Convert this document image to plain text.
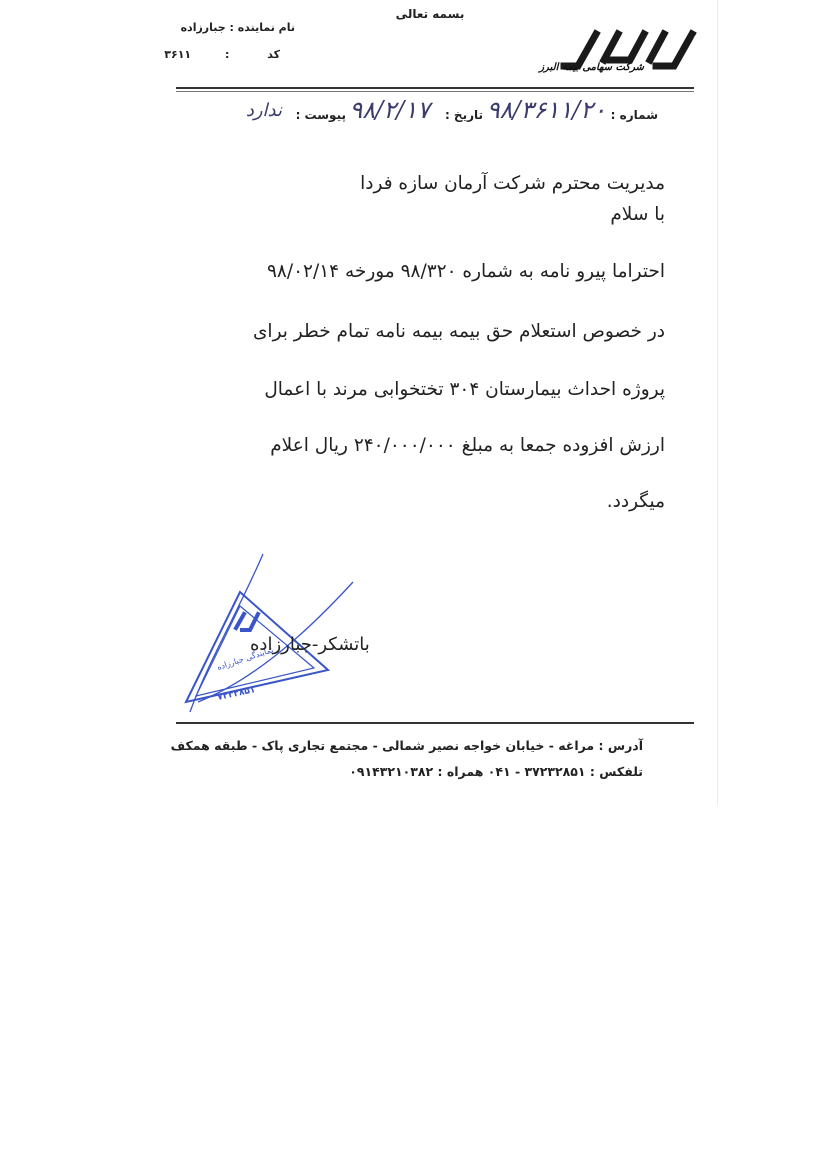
بسمه تعالی
نام نماینده : جبارزاده
کد : ۳۶۱۱
البرز
شرکت سهامی بیمه البرز
شماره :
۹۸/۳۶۱۱/۲۰
تاریخ :
۹۸/۲/۱۷
پیوست :
ندارد
مدیریت محترم شرکت آرمان سازه فردا
با سلام
احتراما پیرو نامه به شماره ۹۸/۳۲۰ مورخه ۹۸/۰۲/۱۴
در خصوص استعلام حق بیمه بیمه نامه تمام خطر برای
پروژه احداث بیمارستان ۳۰۴ تختخوابی مرند با اعمال
ارزش افزوده جمعا به مبلغ ۲۴۰/۰۰۰/۰۰۰ ریال اعلام
میگردد.
نمایندگی جبارزاده
۷۲۳۲۸۵۱
البرز
باتشکر-جبارزاده
آدرس : مراغه - خیابان خواجه نصیر شمالی - مجتمع تجاری پاک - طبقه همکف
تلفکس : ۳۷۲۳۲۸۵۱ - ۰۴۱ همراه : ۰۹۱۴۳۲۱۰۳۸۲
